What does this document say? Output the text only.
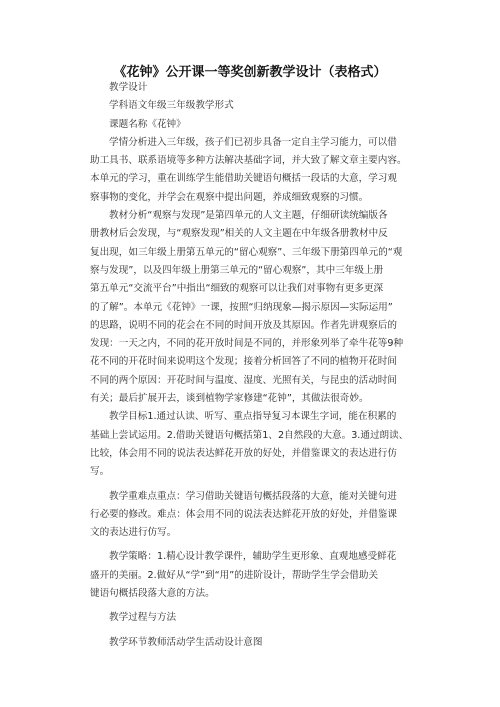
《花钟》公开课一等奖创新教学设计（表格式）
教学设计
学科语文年级三年级教学形式
课题名称《花钟》
学情分析进入三年级，孩子们已初步具备一定自主学习能力，可以借
助工具书、联系语境等多种方法解决基础字词，并大致了解文章主要内容。
本单元的学习，重在训练学生能借助关键语句概括一段话的大意，学习观
察事物的变化，并学会在观察中提出问题，养成细致观察的习惯。
教材分析“观察与发现”是第四单元的人文主题，仔细研读统编版各
册教材后会发现，与“观察发现”相关的人文主题在中年级各册教材中反
复出现，如三年级上册第五单元的“留心观察”、三年级下册第四单元的“观
察与发现”，以及四年级上册第三单元的“留心观察”，其中三年级上册
第五单元“交流平台”中指出“细致的观察可以让我们对事物有更多更深
的了解”。本单元《花钟》一课，按照“归纳现象—揭示原因—实际运用”
的思路，说明不同的花会在不同的时间开放及其原因。作者先讲观察后的
发现：一天之内，不同的花开放时间是不同的，并形象列举了牵牛花等9种
花不同的开花时间来说明这个发现；接着分析回答了不同的植物开花时间
不同的两个原因：开花时间与温度、湿度、光照有关，与昆虫的活动时间
有关；最后扩展开去，谈到植物学家修建“花钟”，其做法很奇妙。
教学目标1.通过认读、听写、重点指导复习本课生字词，能在积累的
基础上尝试运用。2.借助关键语句概括第1、2自然段的大意。3.通过朗读、
比较，体会用不同的说法表达鲜花开放的好处，并借鉴课文的表达进行仿
写。
教学重难点重点：学习借助关键语句概括段落的大意，能对关键句进
行必要的修改。难点：体会用不同的说法表达鲜花开放的好处，并借鉴课
文的表达进行仿写。
教学策略：1.精心设计教学课件，辅助学生更形象、直观地感受鲜花
盛开的美丽。2.做好从“学”到“用”的进阶设计，帮助学生学会借助关
键语句概括段落大意的方法。
教学过程与方法
教学环节教师活动学生活动设计意图
